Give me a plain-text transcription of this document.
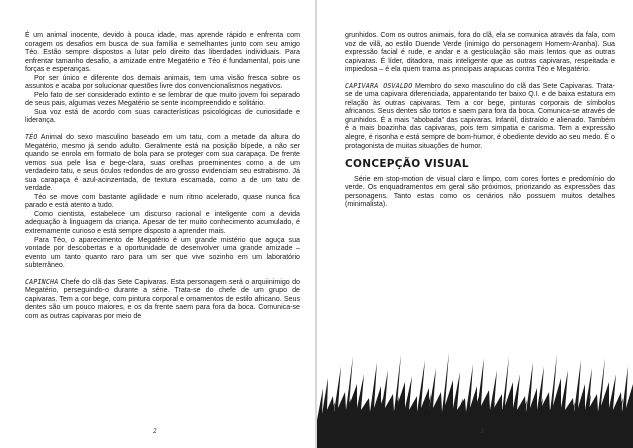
É um animal inocente, devido à pouca idade, mas aprende rápido e enfrenta com coragem os desafios em busca de sua família e semelhantes junto com seu amigo Téo. Estão sempre dispostos a lutar pelo direito das liberdades individuais. Para enfrentar tamanho desafio, a amizade entre Megatério e Téo é fundamental, pois une forças e esperanças.

Por ser único e diferente dos demais animais, tem uma visão fresca sobre os assuntos e acaba por solucionar questões livre dos convencionalismos negativos.

Pelo fato de ser considerado extinto e se lembrar de que muito jovem foi separado de seus pais, algumas vezes Megatério se sente incompreendido e solitário.

Sua voz está de acordo com suas características psicológicas de curiosidade e liderança.

TÉO Animal do sexo masculino baseado em um tatu, com a metade da altura do Megatério, mesmo já sendo adulto. Geralmente está na posição bípede, a não ser quando se enrola em formato de bola para se proteger com sua carapaça. De frente vemos sua pele lisa e bege-clara, suas orelhas proeminentes como a de um verdadeiro tatu, e seus óculos redondos de aro grosso evidenciam seu estrabismo. Já sua carapaça é azul-acinzentada, de textura escamada, como a de um tatu de verdade.

Téo se move com bastante agilidade e num ritmo acelerado, quase nunca fica parado e está atento a tudo.

Como cientista, estabelece um discurso racional e inteligente com a devida adequação à linguagem da criança. Apesar de ter muito conhecimento acumulado, é extremamente curioso e está sempre disposto a aprender mais.

Para Téo, o aparecimento de Megatério é um grande mistério que aguça sua vontade por descobertas e a oportunidade de desenvolver uma grande amizade – evento um tanto quanto raro para um ser que vive sozinho em um laboratório subterrâneo.

CAPINCHA Chefe do clã das Sete Capivaras. Esta personagem será o arquiinimigo do Megatério, perseguindo-o durante a série. Trata-se do chefe de um grupo de capivaras. Tem a cor bege, com pintura corporal e ornamentos de estilo africano. Seus dentes são um pouco maiores, e os da frente saem para fora da boca. Comunica-se com as outras capivaras por meio de

2

grunhidos. Com os outros animais, fora do clã, ela se comunica através da fala, com voz de vilã, ao estilo Duende Verde (inimigo do personagem Homem-Aranha). Sua expressão facial é rude, e andar e a gesticulação são mais lentos que as outras capivaras. É líder, ditadora, mais inteligente que as outras capivaras, respeitada e impiedosa – é ela quem trama as principais arapucas contra Téo e Megatério.

CAPIVARA OSVALDO Membro do sexo masculino do clã das Sete Capivaras. Trata-se de uma capivara diferenciada, apparentando ter baixo Q.I. e de baixa estatura em relação às outras capivaras. Tem a cor bege, pinturas corporais de símbolos africanos. Seus dentes são tortos e saem para fora da boca. Comunica-se através de grunhidos. É a mais “abobada” das capivaras. Infantil, distraído e alienado. Também é a mais boazinha das capivaras, pois tem simpatia e carisma. Tem a expressão alegre, é risonha e está sempre de bom-humor, é obediente devido ao seu medo. É o protagonista de muitas situações de humor.

CONCEPÇÃO VISUAL

Série em stop-motion de visual claro e limpo, com cores fortes e predomínio do verde. Os enquadramentos em geral são próximos, priorizando as expressões das personagens. Tanto estas como os cenários não possuem muitos detalhes (minimalista).

3
